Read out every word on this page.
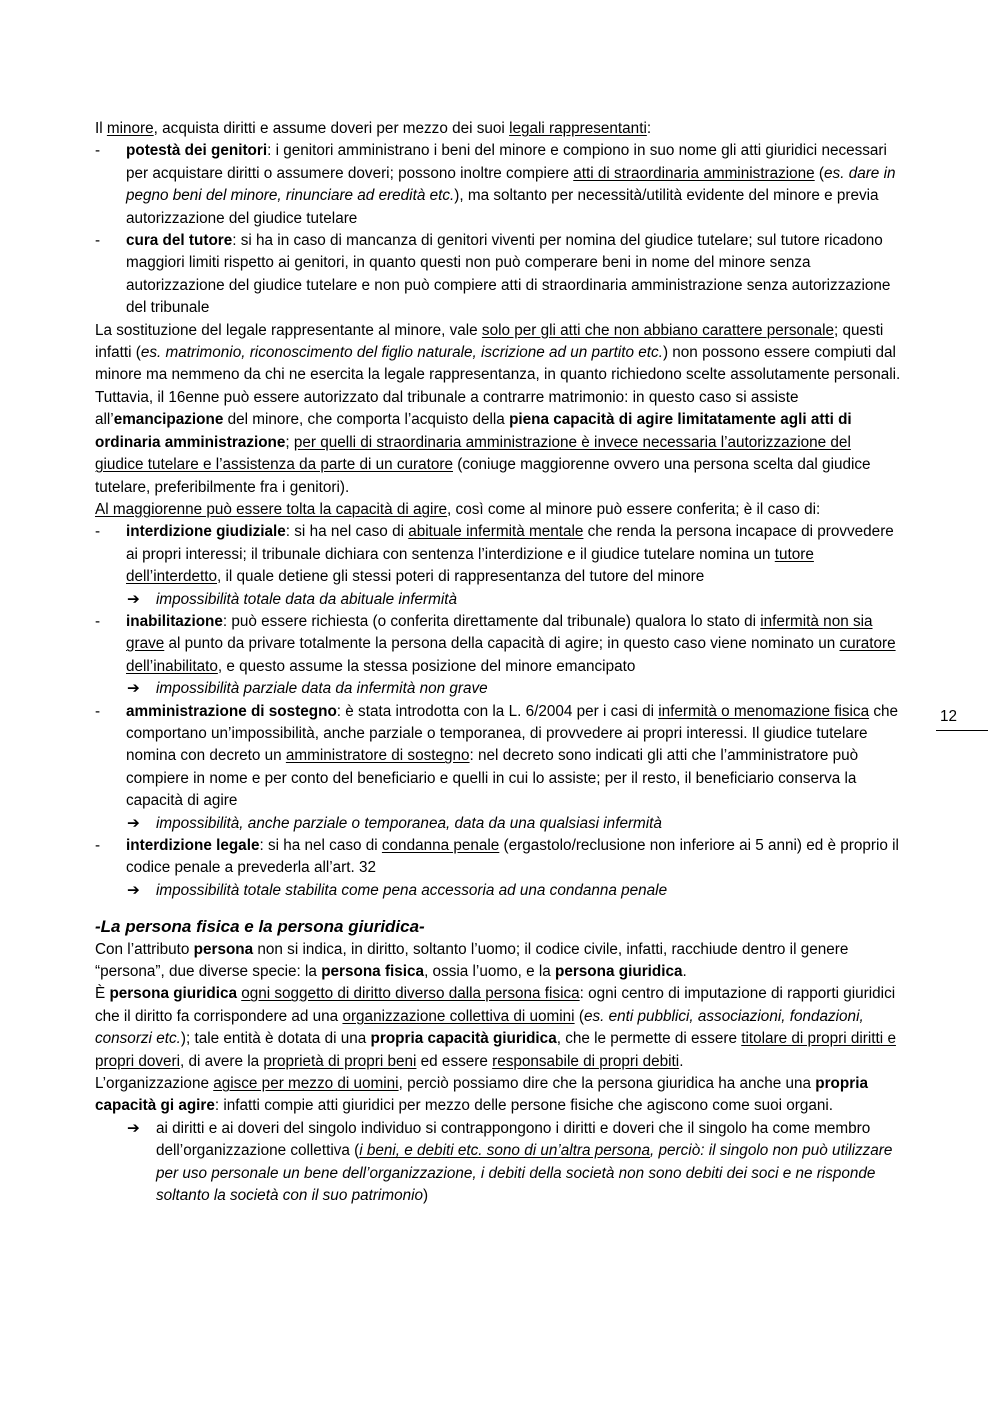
Il minore, acquista diritti e assume doveri per mezzo dei suoi legali rappresentanti:

- potestà dei genitori: i genitori amministrano i beni del minore e compiono in suo nome gli atti giuridici necessari per acquistare diritti o assumere doveri; possono inoltre compiere atti di straordinaria amministrazione (es. dare in pegno beni del minore, rinunciare ad eredità etc.), ma soltanto per necessità/utilità evidente del minore e previa autorizzazione del giudice tutelare
- cura del tutore: si ha in caso di mancanza di genitori viventi per nomina del giudice tutelare; sul tutore ricadono maggiori limiti rispetto ai genitori, in quanto questi non può comperare beni in nome del minore senza autorizzazione del giudice tutelare e non può compiere atti di straordinaria amministrazione senza autorizzazione del tribunale

La sostituzione del legale rappresentante al minore, vale solo per gli atti che non abbiano carattere personale; questi infatti (es. matrimonio, riconoscimento del figlio naturale, iscrizione ad un partito etc.) non possono essere compiuti dal minore ma nemmeno da chi ne esercita la legale rappresentanza, in quanto richiedono scelte assolutamente personali.

Tuttavia, il 16enne può essere autorizzato dal tribunale a contrarre matrimonio: in questo caso si assiste all’emancipazione del minore, che comporta l’acquisto della piena capacità di agire limitatamente agli atti di ordinaria amministrazione; per quelli di straordinaria amministrazione è invece necessaria l’autorizzazione del giudice tutelare e l’assistenza da parte di un curatore (coniuge maggiorenne ovvero una persona scelta dal giudice tutelare, preferibilmente fra i genitori).

Al maggiorenne può essere tolta la capacità di agire, così come al minore può essere conferita; è il caso di:

- interdizione giudiziale: si ha nel caso di abituale infermità mentale che renda la persona incapace di provvedere ai propri interessi; il tribunale dichiara con sentenza l’interdizione e il giudice tutelare nomina un tutore dell’interdetto, il quale detiene gli stessi poteri di rappresentanza del tutore del minore
➔ impossibilità totale data da abituale infermità
- inabilitazione: può essere richiesta (o conferita direttamente dal tribunale) qualora lo stato di infermità non sia grave al punto da privare totalmente la persona della capacità di agire; in questo caso viene nominato un curatore dell’inabilitato, e questo assume la stessa posizione del minore emancipato
➔ impossibilità parziale data da infermità non grave
- amministrazione di sostegno: è stata introdotta con la L. 6/2004 per i casi di infermità o menomazione fisica che comportano un’impossibilità, anche parziale o temporanea, di provvedere ai propri interessi. Il giudice tutelare nomina con decreto un amministratore di sostegno: nel decreto sono indicati gli atti che l’amministratore può compiere in nome e per conto del beneficiario e quelli in cui lo assiste; per il resto, il beneficiario conserva la capacità di agire
➔ impossibilità, anche parziale o temporanea, data da una qualsiasi infermità
- interdizione legale: si ha nel caso di condanna penale (ergastolo/reclusione non inferiore ai 5 anni) ed è proprio il codice penale a prevederla all’art. 32
➔ impossibilità totale stabilita come pena accessoria ad una condanna penale

-La persona fisica e la persona giuridica-

Con l’attributo persona non si indica, in diritto, soltanto l’uomo; il codice civile, infatti, racchiude dentro il genere “persona”, due diverse specie: la persona fisica, ossia l’uomo, e la persona giuridica.

È persona giuridica ogni soggetto di diritto diverso dalla persona fisica: ogni centro di imputazione di rapporti giuridici che il diritto fa corrispondere ad una organizzazione collettiva di uomini (es. enti pubblici, associazioni, fondazioni, consorzi etc.); tale entità è dotata di una propria capacità giuridica, che le permette di essere titolare di propri diritti e propri doveri, di avere la proprietà di propri beni ed essere responsabile di propri debiti.

L’organizzazione agisce per mezzo di uomini, perciò possiamo dire che la persona giuridica ha anche una propria capacità gi agire: infatti compie atti giuridici per mezzo delle persone fisiche che agiscono come suoi organi.

➔ ai diritti e ai doveri del singolo individuo si contrappongono i diritti e doveri che il singolo ha come membro dell’organizzazione collettiva (i beni, e debiti etc. sono di un’altra persona, perciò: il singolo non può utilizzare per uso personale un bene dell’organizzazione, i debiti della società non sono debiti dei soci e ne risponde soltanto la società con il suo patrimonio)
12
